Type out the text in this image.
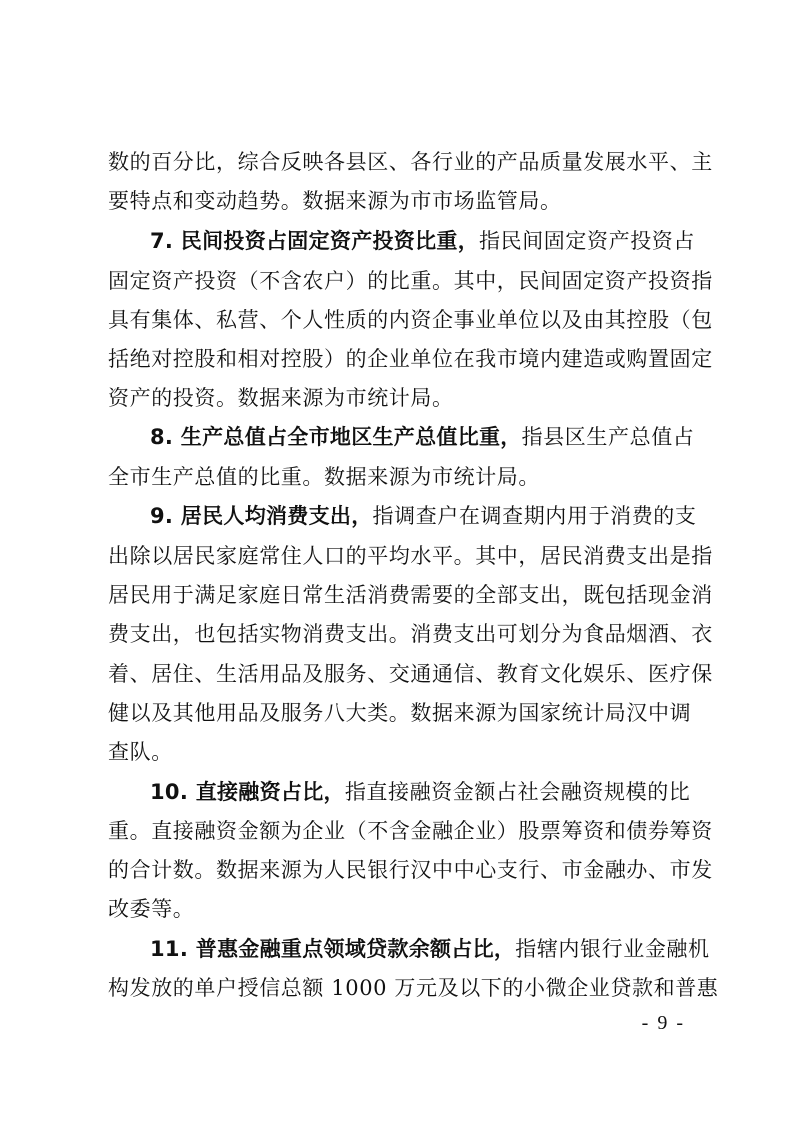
数的百分比，综合反映各县区、各行业的产品质量发展水平、主
要特点和变动趋势。数据来源为市市场监管局。
7. 民间投资占固定资产投资比重，指民间固定资产投资占
固定资产投资（不含农户）的比重。其中，民间固定资产投资指
具有集体、私营、个人性质的内资企事业单位以及由其控股（包
括绝对控股和相对控股）的企业单位在我市境内建造或购置固定
资产的投资。数据来源为市统计局。
8. 生产总值占全市地区生产总值比重，指县区生产总值占
全市生产总值的比重。数据来源为市统计局。
9. 居民人均消费支出，指调查户在调查期内用于消费的支
出除以居民家庭常住人口的平均水平。其中，居民消费支出是指
居民用于满足家庭日常生活消费需要的全部支出，既包括现金消
费支出，也包括实物消费支出。消费支出可划分为食品烟酒、衣
着、居住、生活用品及服务、交通通信、教育文化娱乐、医疗保
健以及其他用品及服务八大类。数据来源为国家统计局汉中调
查队。
10. 直接融资占比，指直接融资金额占社会融资规模的比
重。直接融资金额为企业（不含金融企业）股票筹资和债券筹资
的合计数。数据来源为人民银行汉中中心支行、市金融办、市发
改委等。
11. 普惠金融重点领域贷款余额占比，指辖内银行业金融机
构发放的单户授信总额 1000 万元及以下的小微企业贷款和普惠
- 9 -
